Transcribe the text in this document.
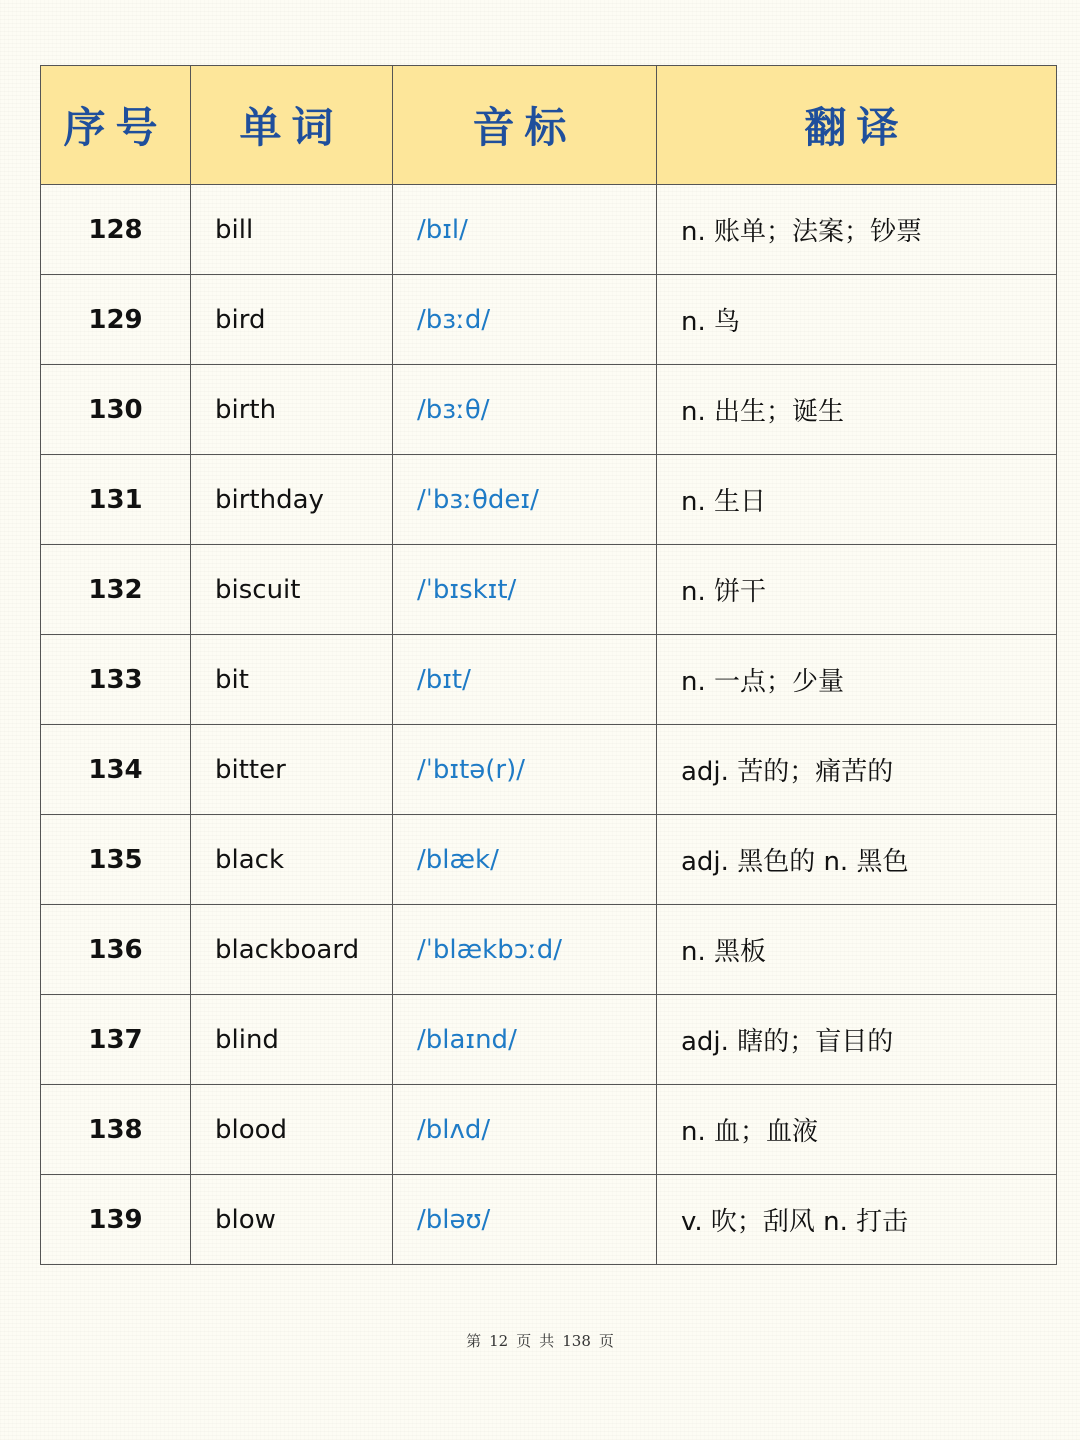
序号	单词	音标	翻译
128	bill	/bɪl/	n. 账单；法案；钞票
129	bird	/bɜːd/	n. 鸟
130	birth	/bɜːθ/	n. 出生；诞生
131	birthday	/ˈbɜːθdeɪ/	n. 生日
132	biscuit	/ˈbɪskɪt/	n. 饼干
133	bit	/bɪt/	n. 一点；少量
134	bitter	/ˈbɪtə(r)/	adj. 苦的；痛苦的
135	black	/blæk/	adj. 黑色的 n. 黑色
136	blackboard	/ˈblækbɔːd/	n. 黑板
137	blind	/blaɪnd/	adj. 瞎的；盲目的
138	blood	/blʌd/	n. 血；血液
139	blow	/bləʊ/	v. 吹；刮风 n. 打击
第 12 页 共 138 页
